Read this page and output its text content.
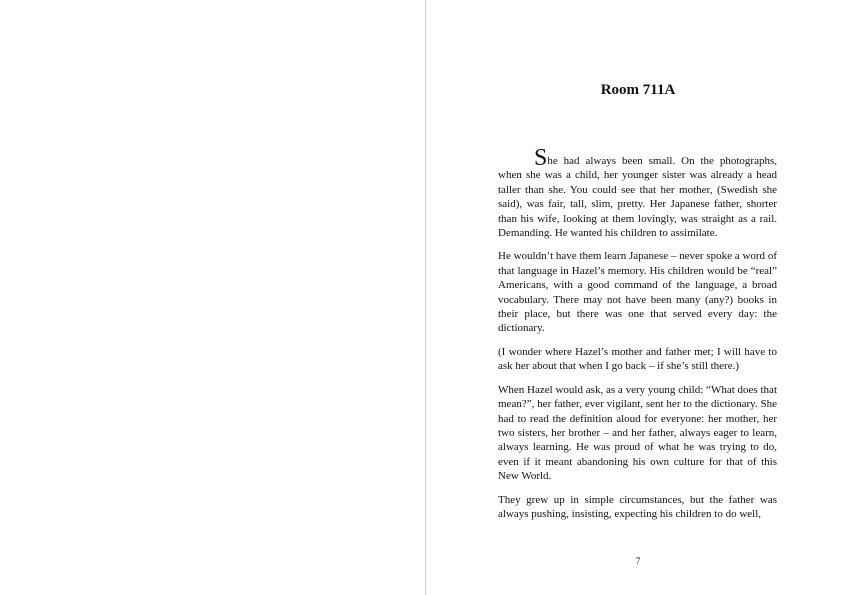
Room 711A

She had always been small. On the photographs, when she was a child, her younger sister was already a head taller than she. You could see that her mother, (Swedish she said), was fair, tall, slim, pretty. Her Japanese father, shorter than his wife, looking at them lovingly, was straight as a rail. Demanding. He wanted his children to assimilate.

He wouldn’t have them learn Japanese – never spoke a word of that language in Hazel’s memory. His children would be “real” Americans, with a good command of the language, a broad vocabulary. There may not have been many (any?) books in their place, but there was one that served every day: the dictionary.

(I wonder where Hazel’s mother and father met; I will have to ask her about that when I go back – if she’s still there.)

When Hazel would ask, as a very young child: “What does that mean?”, her father, ever vigilant, sent her to the dictionary. She had to read the definition aloud for everyone: her mother, her two sisters, her brother – and her father, always eager to learn, always learning. He was proud of what he was trying to do, even if it meant abandoning his own culture for that of this New World.

They grew up in simple circumstances, but the father was always pushing, insisting, expecting his children to do well,

7
